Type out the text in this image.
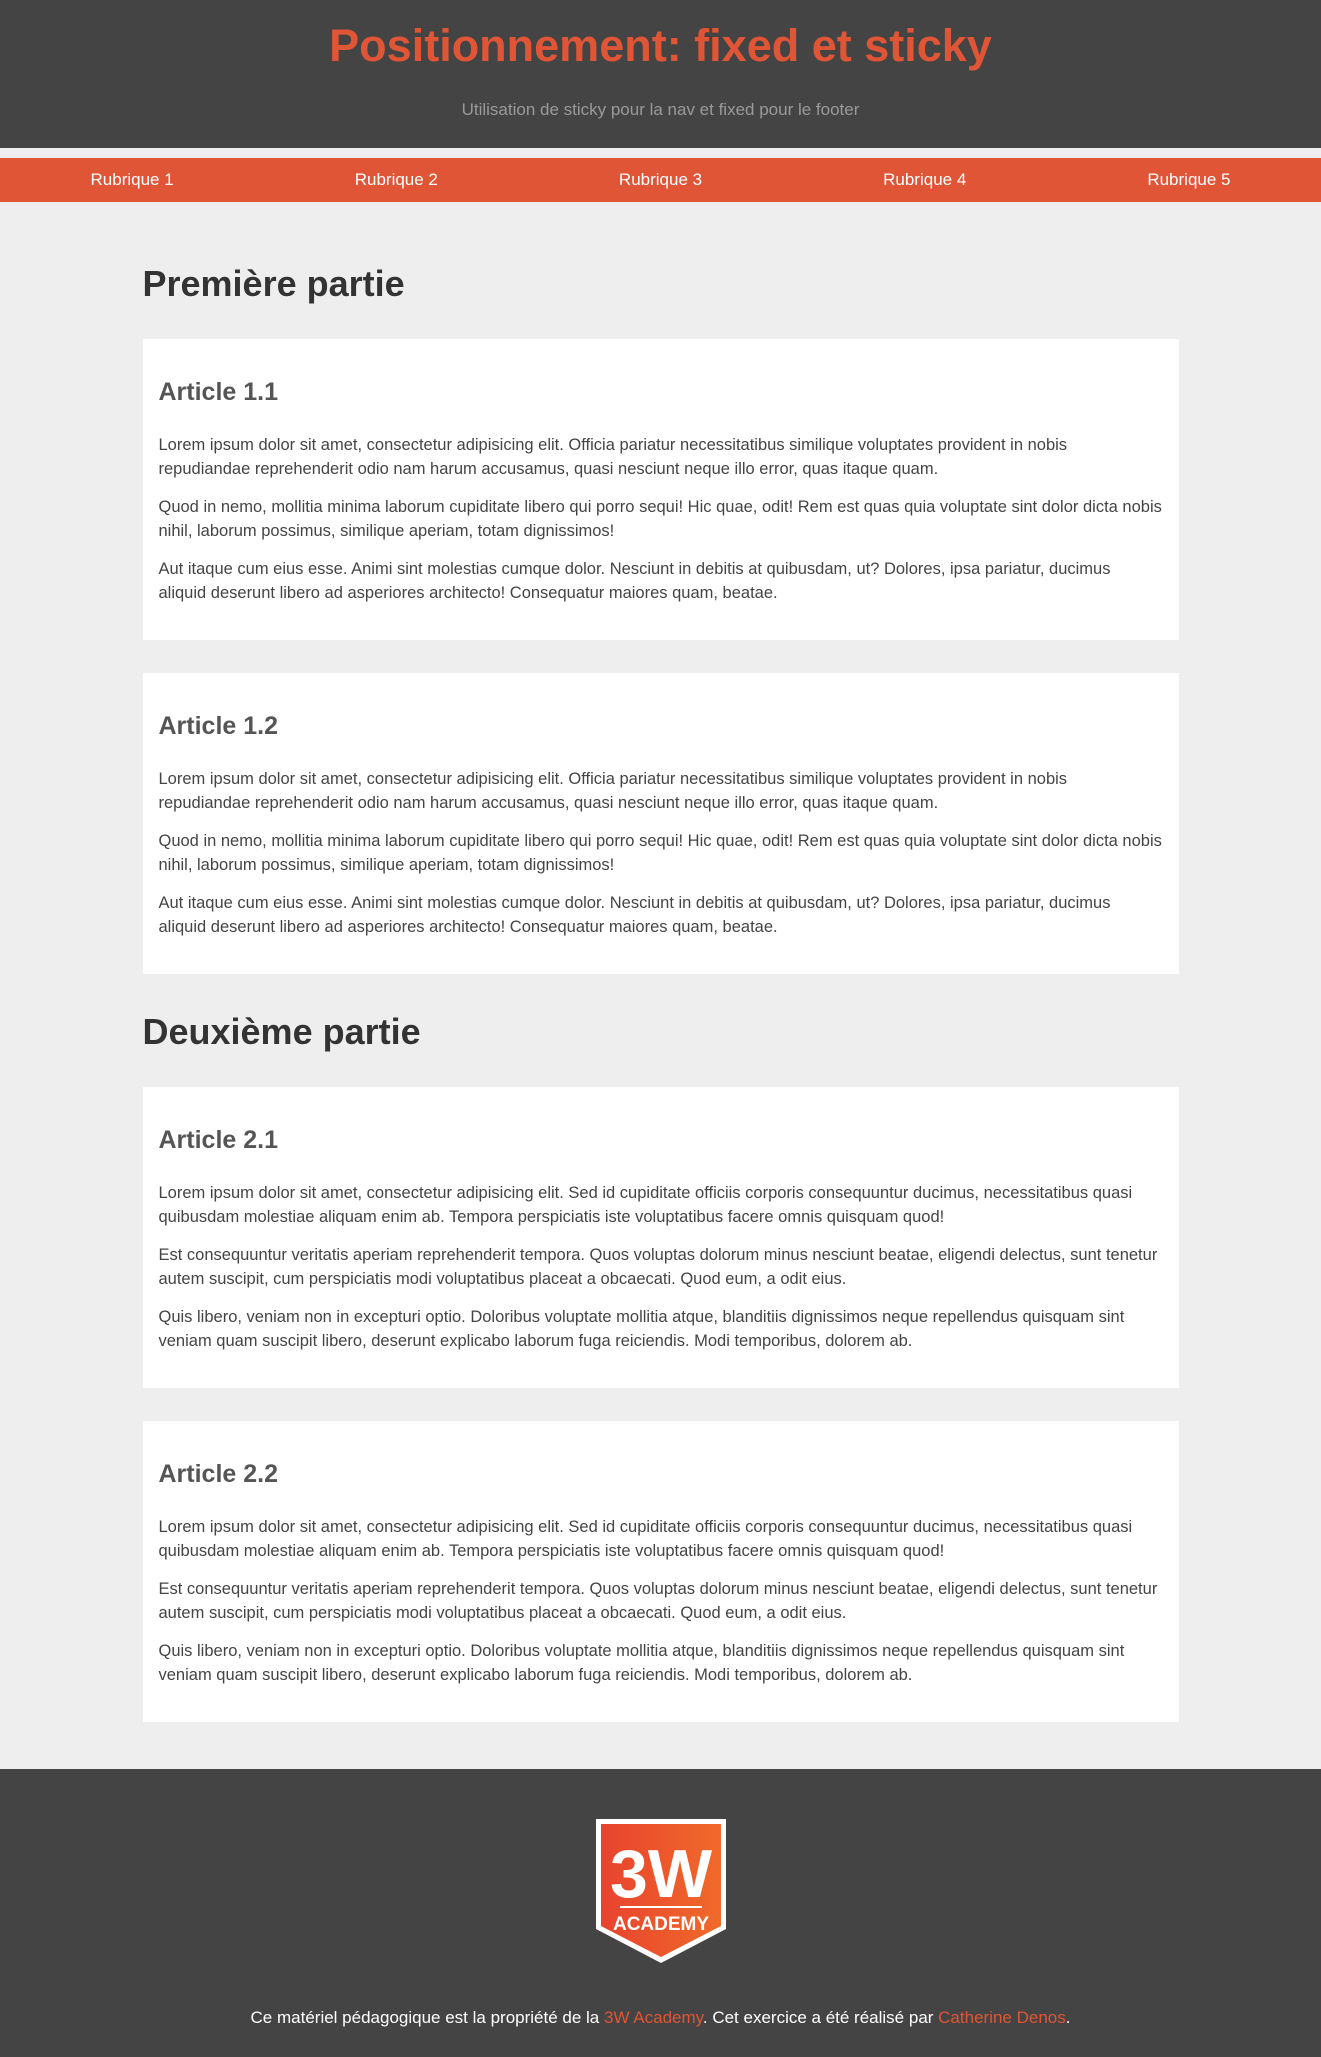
Positionnement: fixed et sticky

Utilisation de sticky pour la nav et fixed pour le footer

Rubrique 1	Rubrique 2	Rubrique 3	Rubrique 4	Rubrique 5
Première partie
Article 1.1

Lorem ipsum dolor sit amet, consectetur adipisicing elit. Officia pariatur necessitatibus similique voluptates provident in nobis repudiandae reprehenderit odio nam harum accusamus, quasi nesciunt neque illo error, quas itaque quam.

Quod in nemo, mollitia minima laborum cupiditate libero qui porro sequi! Hic quae, odit! Rem est quas quia voluptate sint dolor dicta nobis nihil, laborum possimus, similique aperiam, totam dignissimos!

Aut itaque cum eius esse. Animi sint molestias cumque dolor. Nesciunt in debitis at quibusdam, ut? Dolores, ipsa pariatur, ducimus aliquid deserunt libero ad asperiores architecto! Consequatur maiores quam, beatae.

Article 1.2

Lorem ipsum dolor sit amet, consectetur adipisicing elit. Officia pariatur necessitatibus similique voluptates provident in nobis repudiandae reprehenderit odio nam harum accusamus, quasi nesciunt neque illo error, quas itaque quam.

Quod in nemo, mollitia minima laborum cupiditate libero qui porro sequi! Hic quae, odit! Rem est quas quia voluptate sint dolor dicta nobis nihil, laborum possimus, similique aperiam, totam dignissimos!

Aut itaque cum eius esse. Animi sint molestias cumque dolor. Nesciunt in debitis at quibusdam, ut? Dolores, ipsa pariatur, ducimus aliquid deserunt libero ad asperiores architecto! Consequatur maiores quam, beatae.

Deuxième partie
Article 2.1

Lorem ipsum dolor sit amet, consectetur adipisicing elit. Sed id cupiditate officiis corporis consequuntur ducimus, necessitatibus quasi quibusdam molestiae aliquam enim ab. Tempora perspiciatis iste voluptatibus facere omnis quisquam quod!

Est consequuntur veritatis aperiam reprehenderit tempora. Quos voluptas dolorum minus nesciunt beatae, eligendi delectus, sunt tenetur autem suscipit, cum perspiciatis modi voluptatibus placeat a obcaecati. Quod eum, a odit eius.

Quis libero, veniam non in excepturi optio. Doloribus voluptate mollitia atque, blanditiis dignissimos neque repellendus quisquam sint veniam quam suscipit libero, deserunt explicabo laborum fuga reiciendis. Modi temporibus, dolorem ab.

Article 2.2

Lorem ipsum dolor sit amet, consectetur adipisicing elit. Sed id cupiditate officiis corporis consequuntur ducimus, necessitatibus quasi quibusdam molestiae aliquam enim ab. Tempora perspiciatis iste voluptatibus facere omnis quisquam quod!

Est consequuntur veritatis aperiam reprehenderit tempora. Quos voluptas dolorum minus nesciunt beatae, eligendi delectus, sunt tenetur autem suscipit, cum perspiciatis modi voluptatibus placeat a obcaecati. Quod eum, a odit eius.

Quis libero, veniam non in excepturi optio. Doloribus voluptate mollitia atque, blanditiis dignissimos neque repellendus quisquam sint veniam quam suscipit libero, deserunt explicabo laborum fuga reiciendis. Modi temporibus, dolorem ab.

3W
ACADEMY

Ce matériel pédagogique est la propriété de la 3W Academy. Cet exercice a été réalisé par Catherine Denos.
